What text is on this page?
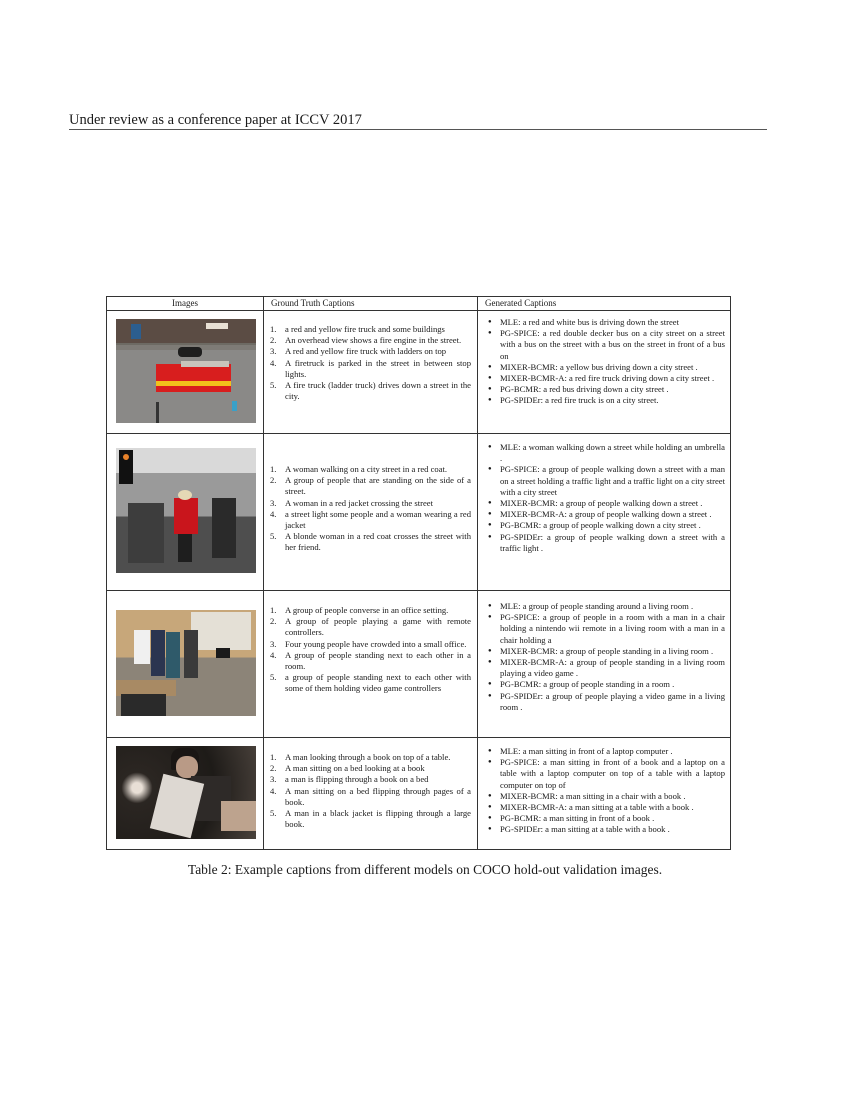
Under review as a conference paper at ICCV 2017
Images	Ground Truth Captions	Generated Captions
1. a red and yellow fire truck and some buildings
2. An overhead view shows a fire engine in the street.
3. A red and yellow fire truck with ladders on top
4. A firetruck is parked in the street in between stop lights.
5. A fire truck (ladder truck) drives down a street in the city.
● MLE: a red and white bus is driving down the street
● PG-SPICE: a red double decker bus on a city street on a street with a bus on the street with a bus on the street in front of a bus on
● MIXER-BCMR: a yellow bus driving down a city street .
● MIXER-BCMR-A: a red fire truck driving down a city street .
● PG-BCMR: a red bus driving down a city street .
● PG-SPIDEr: a red fire truck is on a city street.
1. A woman walking on a city street in a red coat.
2. A group of people that are standing on the side of a street.
3. A woman in a red jacket crossing the street
4. a street light some people and a woman wearing a red jacket
5. A blonde woman in a red coat crosses the street with her friend.
● MLE: a woman walking down a street while holding an umbrella .
● PG-SPICE: a group of people walking down a street with a man on a street holding a traffic light and a traffic light on a city street with a city street
● MIXER-BCMR: a group of people walking down a street .
● MIXER-BCMR-A: a group of people walking down a street .
● PG-BCMR: a group of people walking down a city street .
● PG-SPIDEr: a group of people walking down a street with a traffic light .
1. A group of people converse in an office setting.
2. A group of people playing a game with remote controllers.
3. Four young people have crowded into a small office.
4. A group of people standing next to each other in a room.
5. a group of people standing next to each other with some of them holding video game controllers
● MLE: a group of people standing around a living room .
● PG-SPICE: a group of people in a room with a man in a chair holding a nintendo wii remote in a living room with a man in a chair holding a
● MIXER-BCMR: a group of people standing in a living room .
● MIXER-BCMR-A: a group of people standing in a living room playing a video game .
● PG-BCMR: a group of people standing in a room .
● PG-SPIDEr: a group of people playing a video game in a living room .
1. A man looking through a book on top of a table.
2. A man sitting on a bed looking at a book
3. a man is flipping through a book on a bed
4. A man sitting on a bed flipping through pages of a book.
5. A man in a black jacket is flipping through a large book.
● MLE: a man sitting in front of a laptop computer .
● PG-SPICE: a man sitting in front of a book and a laptop on a table with a laptop computer on top of a table with a laptop computer on top of
● MIXER-BCMR: a man sitting in a chair with a book .
● MIXER-BCMR-A: a man sitting at a table with a book .
● PG-BCMR: a man sitting in front of a book .
● PG-SPIDEr: a man sitting at a table with a book .
Table 2: Example captions from different models on COCO hold-out validation images.
